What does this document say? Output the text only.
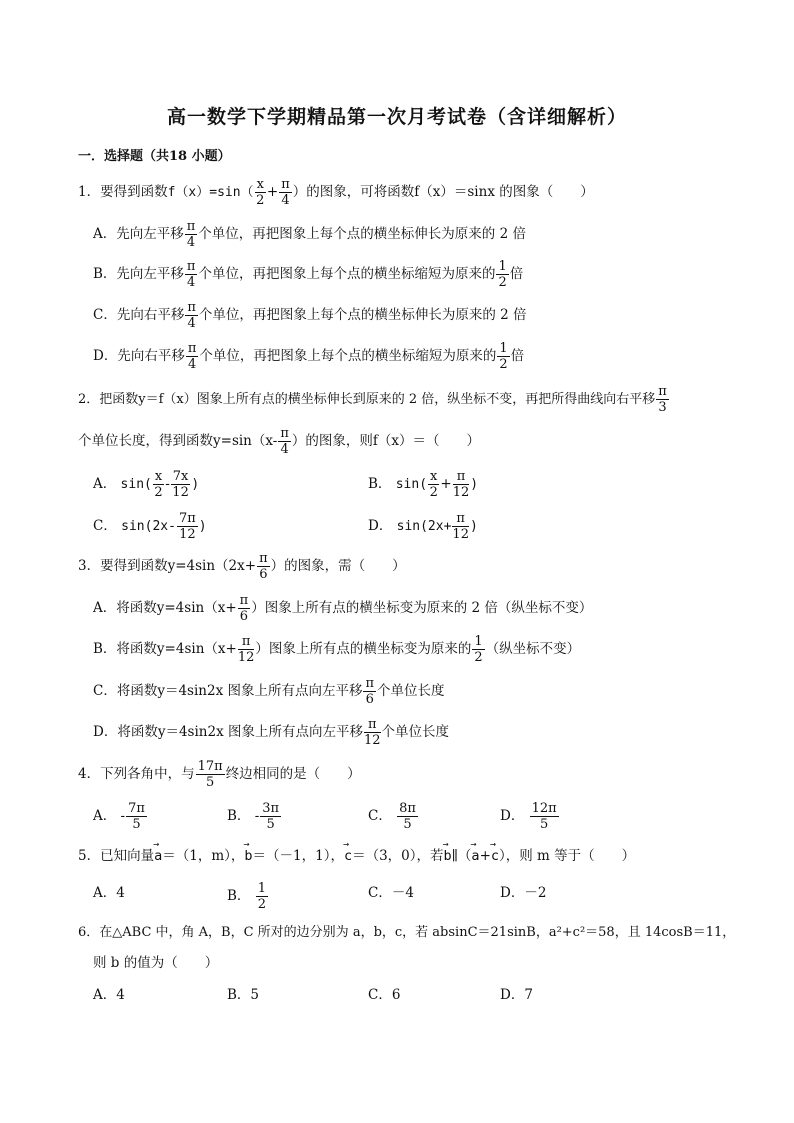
高一数学下学期精品第一次月考试卷（含详细解析）
一．选择题（共18 小题）
1．要得到函数$f(x)=\sin( \frac{x}{2} + \frac{\pi}{4}$ ）的图象，可将函数f（x）＝sinx 的图象（　　）
A．先向左平移 $\frac{\pi}{4}$ 个单位，再把图象上每个点的横坐标伸长为原来的 2 倍
B．先向左平移 $\frac{\pi}{4}$ 个单位，再把图象上每个点的横坐标缩短为原来的 $\frac{1}{2}$ 倍
C．先向右平移 $\frac{\pi}{4}$ 个单位，再把图象上每个点的横坐标伸长为原来的 2 倍
D．先向右平移 $\frac{\pi}{4}$ 个单位，再把图象上每个点的横坐标缩短为原来的 $\frac{1}{2}$ 倍
2．把函数y＝f（x）图象上所有点的横坐标伸长到原来的 2 倍，纵坐标不变，再把所得曲线向右平移 $\frac{\pi}{3}$
个单位长度，得到函数$y=\sin(x- \frac{\pi}{4}$ ）的图象，则f（x）＝（　　）
A． $\sin( \frac{x}{2} - \frac{7x}{12}$ )	B． $\sin( \frac{x}{2} + \frac{\pi}{12}$ )
C． $\sin(2x- \frac{7\pi}{12}$ )	D． $\sin(2x+ \frac{\pi}{12}$ )
3．要得到函数$y=4\sin(2x+ \frac{\pi}{6}$ ）的图象，需（　　）
A．将函数$y=4\sin(x+ \frac{\pi}{6}$ ）图象上所有点的横坐标变为原来的 2 倍（纵坐标不变）
B．将函数$y=4\sin(x+ \frac{\pi}{12}$ ）图象上所有点的横坐标变为原来的 $\frac{1}{2}$ （纵坐标不变）
C．将函数y＝4sin2x 图象上所有点向左平移 $\frac{\pi}{6}$ 个单位长度
D．将函数y＝4sin2x 图象上所有点向左平移 $\frac{\pi}{12}$ 个单位长度
4．下列各角中，与 $\frac{17\pi}{5}$ 终边相同的是（　　）
A． - $\frac{7\pi}{5}$	B． - $\frac{3\pi}{5}$	C． $\frac{8\pi}{5}$	D． $\frac{12\pi}{5}$
5．已知向量→ a＝（1，m），→ b＝（－1，1），→ c＝（3，0），若→ b∥（→ a+→ c），则 m 等于（　　）
A．4	B． $\frac{1}{2}$	C．－4	D．－2
6．在△ABC 中，角 A，B，C 所对的边分别为 a，b，c，若 absinC＝21sinB，a²+c²＝58，且 14cosB＝11，
则 b 的值为（　　）
A．4	B．5	C．6	D．7
